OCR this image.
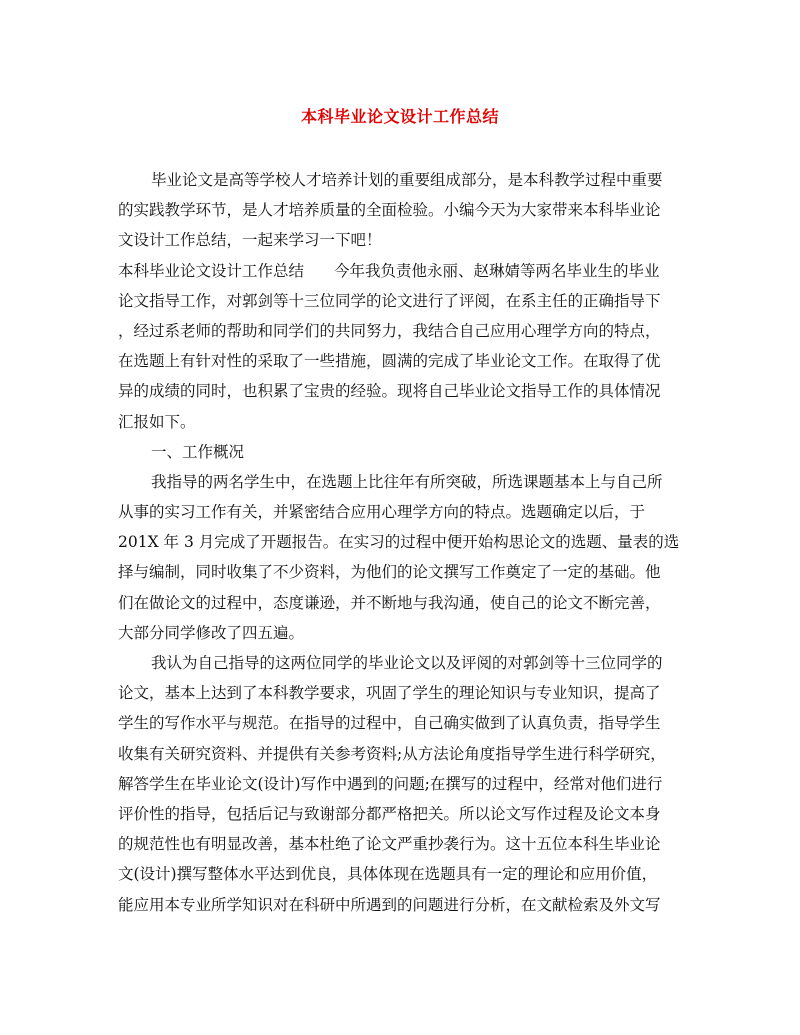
本科毕业论文设计工作总结
毕业论文是高等学校人才培养计划的重要组成部分，是本科教学过程中重要
的实践教学环节，是人才培养质量的全面检验。小编今天为大家带来本科毕业论
文设计工作总结，一起来学习一下吧！
本科毕业论文设计工作总结 今年我负责他永丽、赵琳婧等两名毕业生的毕业
论文指导工作，对郭剑等十三位同学的论文进行了评阅，在系主任的正确指导下
，经过系老师的帮助和同学们的共同努力，我结合自己应用心理学方向的特点，
在选题上有针对性的采取了一些措施，圆满的完成了毕业论文工作。在取得了优
异的成绩的同时，也积累了宝贵的经验。现将自己毕业论文指导工作的具体情况
汇报如下。
一、工作概况
我指导的两名学生中，在选题上比往年有所突破，所选课题基本上与自己所
从事的实习工作有关，并紧密结合应用心理学方向的特点。选题确定以后，于
201X 年 3 月完成了开题报告。在实习的过程中便开始构思论文的选题、量表的选
择与编制，同时收集了不少资料，为他们的论文撰写工作奠定了一定的基础。他
们在做论文的过程中，态度谦逊，并不断地与我沟通，使自己的论文不断完善，
大部分同学修改了四五遍。
我认为自己指导的这两位同学的毕业论文以及评阅的对郭剑等十三位同学的
论文，基本上达到了本科教学要求，巩固了学生的理论知识与专业知识，提高了
学生的写作水平与规范。在指导的过程中，自己确实做到了认真负责，指导学生
收集有关研究资料、并提供有关参考资料;从方法论角度指导学生进行科学研究，
解答学生在毕业论文(设计)写作中遇到的问题;在撰写的过程中，经常对他们进行
评价性的指导，包括后记与致谢部分都严格把关。所以论文写作过程及论文本身
的规范性也有明显改善，基本杜绝了论文严重抄袭行为。这十五位本科生毕业论
文(设计)撰写整体水平达到优良，具体体现在选题具有一定的理论和应用价值，
能应用本专业所学知识对在科研中所遇到的问题进行分析，在文献检索及外文写
